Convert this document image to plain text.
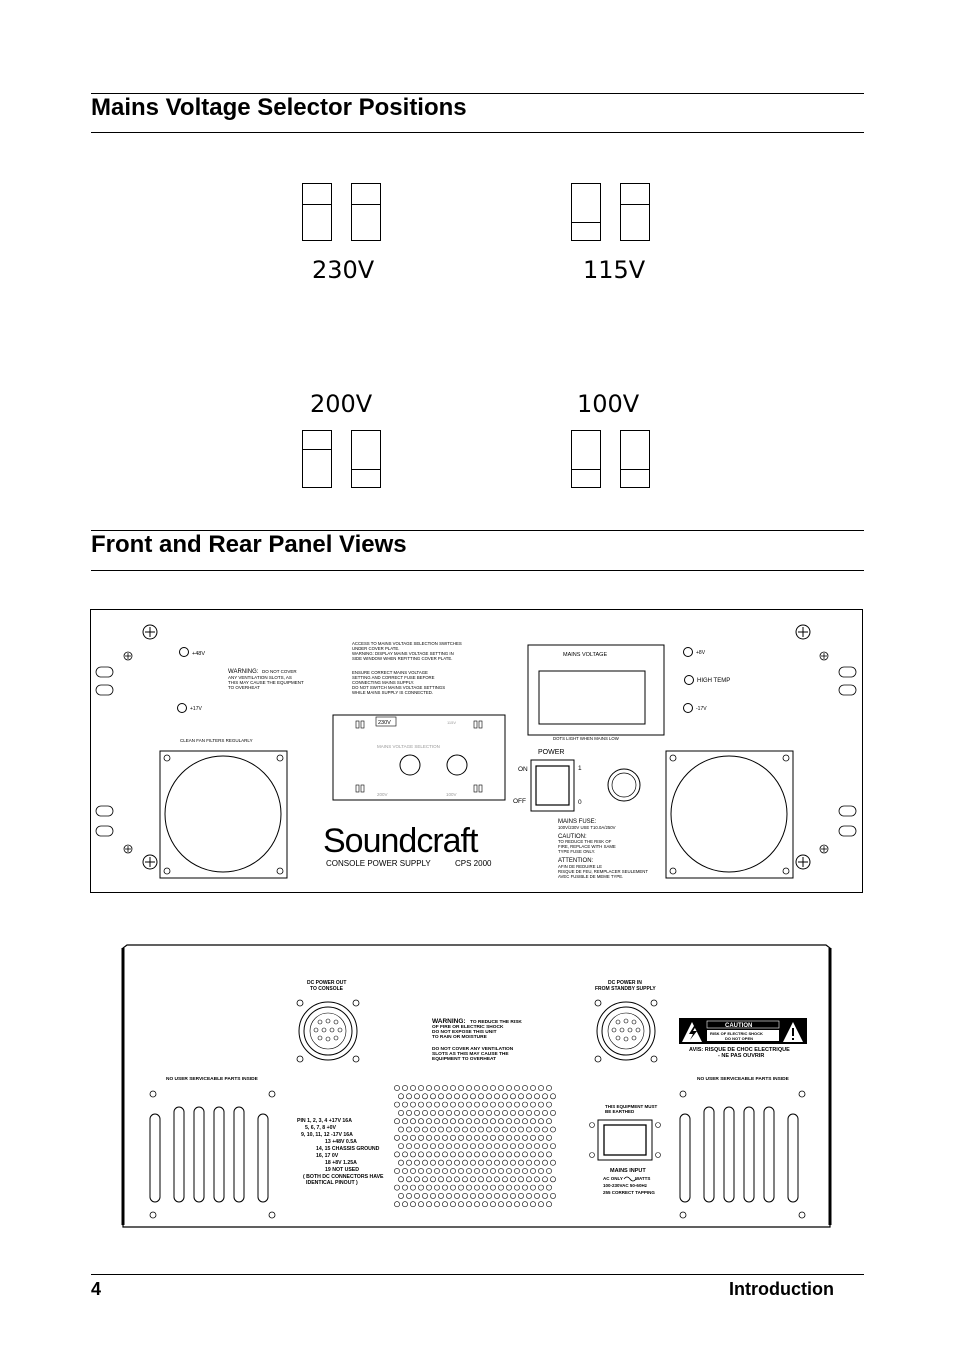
Mains Voltage Selector Positions
230V	115V
200V	100V
Front and Rear Panel Views
+48V
+17V
WARNING: DO NOT COVER
ANY VENTILATION SLOTS, AS
THIS MAY CAUSE THE EQUIPMENT
TO OVERHEAT
CLEAN FAN FILTERS REGULARLY
ACCESS TO MAINS VOLTAGE SELECTION SWITCHES
UNDER COVER PLATE.
WARNING: DISPLAY MAINS VOLTAGE SETTING IN
SIDE WINDOW WHEN REFITTING COVER PLATE.
ENSURE CORRECT MAINS VOLTAGE
SETTING AND CORRECT FUSE BEFORE
CONNECTING MAINS SUPPLY.
DO NOT SWITCH MAINS VOLTAGE SETTINGS
WHILE MAINS SUPPLY IS CONNECTED.
230V	115V
MAINS VOLTAGE SELECTION
200V	100V
Soundcraft
CONSOLE POWER SUPPLY	CPS 2000
MAINS VOLTAGE
DOTS LIGHT WHEN MAINS LOW
POWER
ON
OFF
1
0
MAINS FUSE:
100V/230V USE T10.0A/250V
CAUTION:
TO REDUCE THE RISK OF
FIRE, REPLACE WITH SAME
TYPE FUSE ONLY.
ATTENTION:
AFIN DE REDUIRE LE
RISQUE DE FEU, REMPLACER SEULEMENT
AVEC FUSIBLE DE MEME TYPE.
+8V
HIGH TEMP
-17V
DC POWER OUT
TO CONSOLE
DC POWER IN
FROM STANDBY SUPPLY
WARNING: TO REDUCE THE RISK
OF FIRE OR ELECTRIC SHOCK
DO NOT EXPOSE THIS UNIT
TO RAIN OR MOISTURE
DO NOT COVER ANY VENTILATION
SLOTS AS THIS MAY CAUSE THE
EQUIPMENT TO OVERHEAT
CAUTION
RISK OF ELECTRIC SHOCK
DO NOT OPEN
AVIS: RISQUE DE CHOC ELECTRIQUE
- NE PAS OUVRIR
NO USER SERVICEABLE PARTS INSIDE	NO USER SERVICEABLE PARTS INSIDE
PIN 1, 2, 3, 4 +17V 16A
5, 6, 7, 8 +0V
9, 10, 11, 12 -17V 16A
13 +48V 0.5A
14, 15 CHASSIS GROUND
16, 17 0V
18 +8V 1.25A
19 NOT USED
( BOTH DC CONNECTORS HAVE
IDENTICAL PINOUT )
THIS EQUIPMENT MUST
BE EARTHED
MAINS INPUT
AC ONLY	WATTS
100-230VAC 50-60Hz
255 CORRECT TAPPING
4	Introduction
